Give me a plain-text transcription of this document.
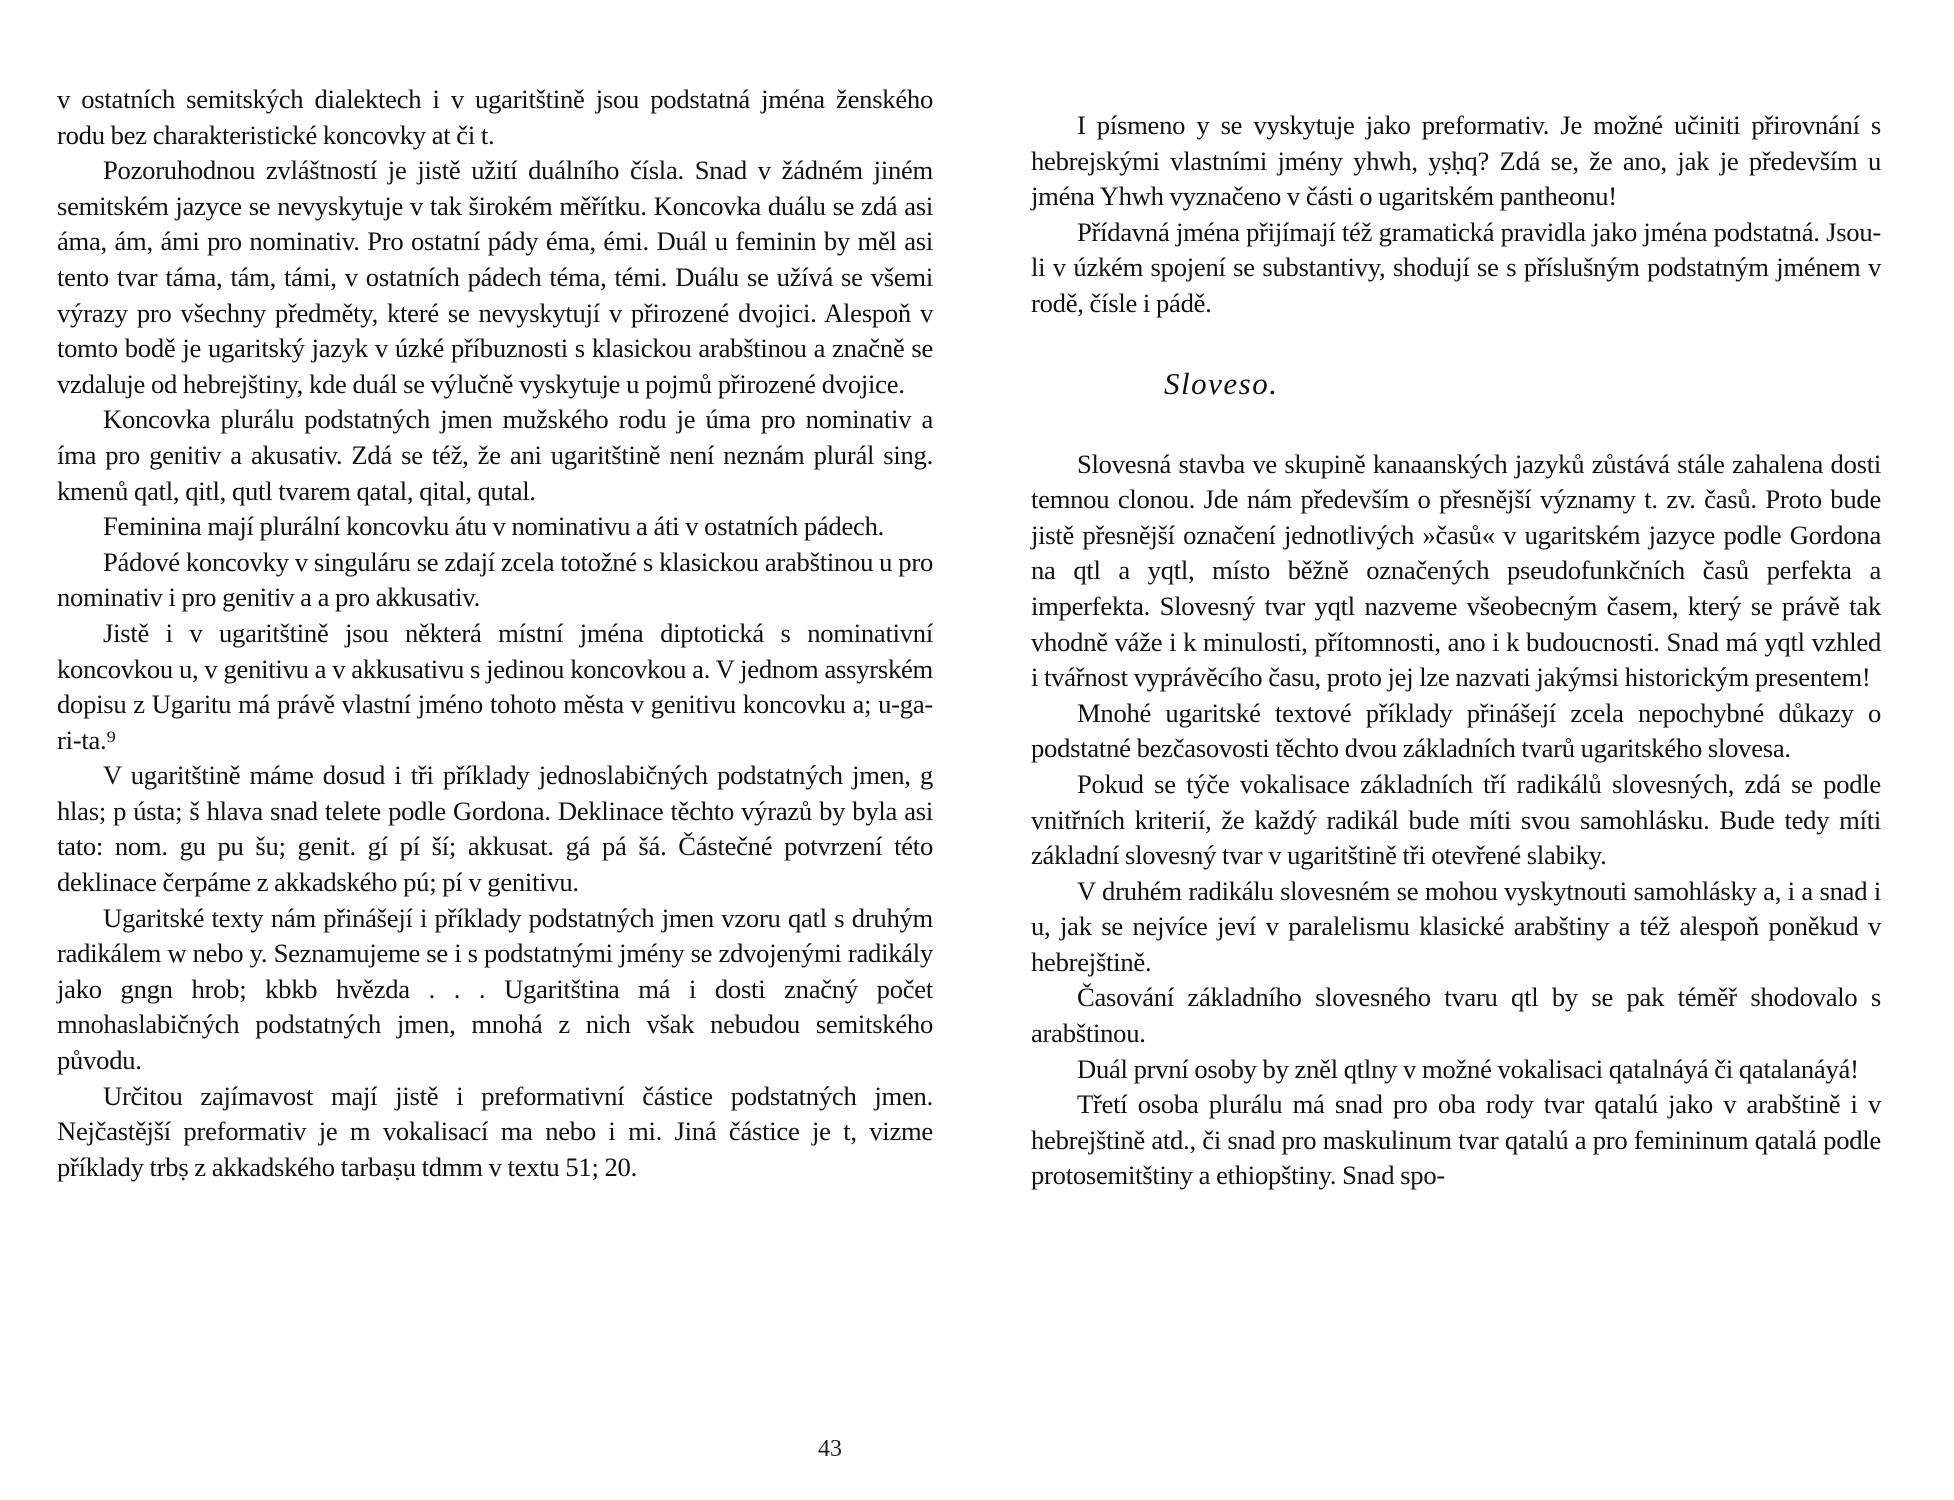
v ostatních semitských dialektech i v ugaritštině jsou podstatná jména ženského rodu bez charakteristické koncovky at či t.

Pozoruhodnou zvláštností je jistě užití duálního čísla. Snad v žádném jiném semitském jazyce se nevyskytuje v tak širokém měřítku. Koncovka duálu se zdá asi áma, ám, ámi pro nominativ. Pro ostatní pády éma, émi. Duál u feminin by měl asi tento tvar táma, tám, támi, v ostatních pádech téma, témi. Duálu se užívá se všemi výrazy pro všechny předměty, které se nevyskytují v přirozené dvojici. Alespoň v tomto bodě je ugaritský jazyk v úzké příbuznosti s klasickou arabštinou a značně se vzdaluje od hebrejštiny, kde duál se výlučně vyskytuje u pojmů přirozené dvojice.

Koncovka plurálu podstatných jmen mužského rodu je úma pro nominativ a íma pro genitiv a akusativ. Zdá se též, že ani ugaritštině není neznám plurál sing. kmenů qatl, qitl, qutl tvarem qatal, qital, qutal.

Feminina mají plurální koncovku átu v nominativu a áti v ostatních pádech.

Pádové koncovky v singuláru se zdají zcela totožné s klasickou arabštinou u pro nominativ i pro genitiv a a pro akkusativ.

Jistě i v ugaritštině jsou některá místní jména diptotická s nominativní koncovkou u, v genitivu a v akkusativu s jedinou koncovkou a. V jednom assyrském dopisu z Ugaritu má právě vlastní jméno tohoto města v genitivu koncovku a; u-ga-ri-ta.⁹

V ugaritštině máme dosud i tři příklady jednoslabičných podstatných jmen, g hlas; p ústa; š hlava snad telete podle Gordona. Deklinace těchto výrazů by byla asi tato: nom. gu pu šu; genit. gí pí ší; akkusat. gá pá šá. Částečné potvrzení této deklinace čerpáme z akkadského pú; pí v genitivu.

Ugaritské texty nám přinášejí i příklady podstatných jmen vzoru qatl s druhým radikálem w nebo y. Seznamujeme se i s podstatnými jmény se zdvojenými radikály jako gngn hrob; kbkb hvězda . . . Ugaritština má i dosti značný počet mnohaslabičných podstatných jmen, mnohá z nich však nebudou semitského původu.

Určitou zajímavost mají jistě i preformativní částice podstatných jmen. Nejčastější preformativ je m vokalisací ma nebo i mi. Jiná částice je t, vizme příklady trbṣ z akkadského tarbaṣu tdmm v textu 51; 20.

43

I písmeno y se vyskytuje jako preformativ. Je možné učiniti přirovnání s hebrejskými vlastními jmény yhwh, yṣḥq? Zdá se, že ano, jak je především u jména Yhwh vyznačeno v části o ugaritském pantheonu!

Přídavná jména přijímají též gramatická pravidla jako jména podstatná. Jsou-li v úzkém spojení se substantivy, shodují se s příslušným podstatným jménem v rodě, čísle i pádě.

Sloveso.

Slovesná stavba ve skupině kanaanských jazyků zůstává stále zahalena dosti temnou clonou. Jde nám především o přesnější významy t. zv. časů. Proto bude jistě přesnější označení jednotlivých »časů« v ugaritském jazyce podle Gordona na qtl a yqtl, místo běžně označených pseudofunkčních časů perfekta a imperfekta. Slovesný tvar yqtl nazveme všeobecným časem, který se právě tak vhodně váže i k minulosti, přítomnosti, ano i k budoucnosti. Snad má yqtl vzhled i tvářnost vyprávěcího času, proto jej lze nazvati jakýmsi historickým presentem!

Mnohé ugaritské textové příklady přinášejí zcela nepochybné důkazy o podstatné bezčasovosti těchto dvou základních tvarů ugaritského slovesa.

Pokud se týče vokalisace základních tří radikálů slovesných, zdá se podle vnitřních kriterií, že každý radikál bude míti svou samohlásku. Bude tedy míti základní slovesný tvar v ugaritštině tři otevřené slabiky.

V druhém radikálu slovesném se mohou vyskytnouti samohlásky a, i a snad i u, jak se nejvíce jeví v paralelismu klasické arabštiny a též alespoň poněkud v hebrejštině.

Časování základního slovesného tvaru qtl by se pak téměř shodovalo s arabštinou.

Duál první osoby by zněl qtlny v možné vokalisaci qatalnáyá či qatalanáyá!

Třetí osoba plurálu má snad pro oba rody tvar qatalú jako v arabštině i v hebrejštině atd., či snad pro maskulinum tvar qatalú a pro femininum qatalá podle protosemitštiny a ethiopštiny. Snad spo-
